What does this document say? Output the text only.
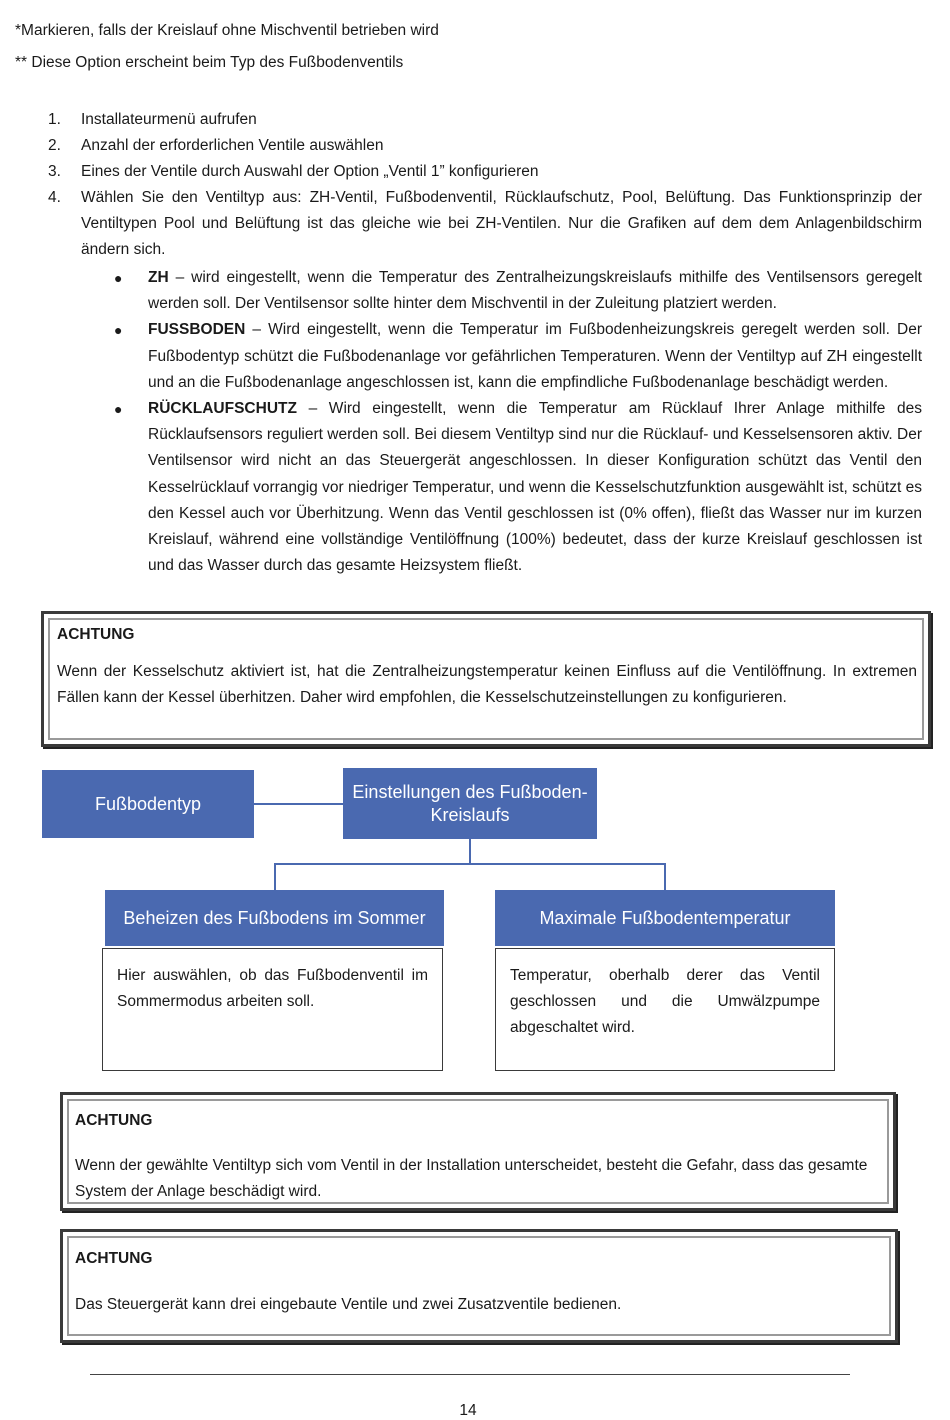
*Markieren, falls der Kreislauf ohne Mischventil betrieben wird
** Diese Option erscheint beim Typ des Fußbodenventils
1. Installateurmenü aufrufen
2. Anzahl der erforderlichen Ventile auswählen
3. Eines der Ventile durch Auswahl der Option „Ventil 1” konfigurieren
4. Wählen Sie den Ventiltyp aus: ZH-Ventil, Fußbodenventil, Rücklaufschutz, Pool, Belüftung. Das Funktionsprinzip der Ventiltypen Pool und Belüftung ist das gleiche wie bei ZH-Ventilen. Nur die Grafiken auf dem dem Anlagenbildschirm ändern sich.
● ZH – wird eingestellt, wenn die Temperatur des Zentralheizungskreislaufs mithilfe des Ventilsensors geregelt werden soll. Der Ventilsensor sollte hinter dem Mischventil in der Zuleitung platziert werden.
● FUSSBODEN – Wird eingestellt, wenn die Temperatur im Fußbodenheizungskreis geregelt werden soll. Der Fußbodentyp schützt die Fußbodenanlage vor gefährlichen Temperaturen. Wenn der Ventiltyp auf ZH eingestellt und an die Fußbodenanlage angeschlossen ist, kann die empfindliche Fußbodenanlage beschädigt werden.
● RÜCKLAUFSCHUTZ – Wird eingestellt, wenn die Temperatur am Rücklauf Ihrer Anlage mithilfe des Rücklaufsensors reguliert werden soll. Bei diesem Ventiltyp sind nur die Rücklauf- und Kesselsensoren aktiv. Der Ventilsensor wird nicht an das Steuergerät angeschlossen. In dieser Konfiguration schützt das Ventil den Kesselrücklauf vorrangig vor niedriger Temperatur, und wenn die Kesselschutzfunktion ausgewählt ist, schützt es den Kessel auch vor Überhitzung. Wenn das Ventil geschlossen ist (0% offen), fließt das Wasser nur im kurzen Kreislauf, während eine vollständige Ventilöffnung (100%) bedeutet, dass der kurze Kreislauf geschlossen ist und das Wasser durch das gesamte Heizsystem fließt.
ACHTUNG
Wenn der Kesselschutz aktiviert ist, hat die Zentralheizungstemperatur keinen Einfluss auf die Ventilöffnung. In extremen Fällen kann der Kessel überhitzen. Daher wird empfohlen, die Kesselschutzeinstellungen zu konfigurieren.
Fußbodentyp
Einstellungen des Fußboden-Kreislaufs
Beheizen des Fußbodens im Sommer	Maximale Fußbodentemperatur
Hier auswählen, ob das Fußbodenventil im Sommermodus arbeiten soll.
Temperatur, oberhalb derer das Ventil geschlossen und die Umwälzpumpe abgeschaltet wird.
ACHTUNG
Wenn der gewählte Ventiltyp sich vom Ventil in der Installation unterscheidet, besteht die Gefahr, dass das gesamte System der Anlage beschädigt wird.
ACHTUNG
Das Steuergerät kann drei eingebaute Ventile und zwei Zusatzventile bedienen.
14
